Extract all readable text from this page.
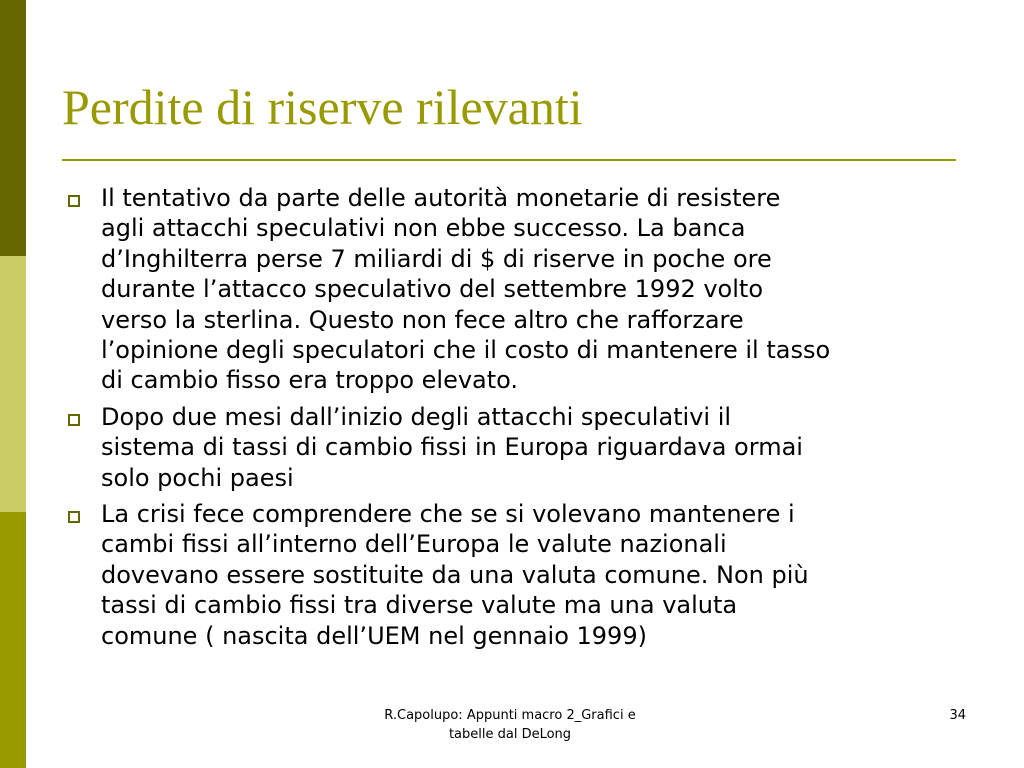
Perdite di riserve rilevanti
Il tentativo da parte delle autorità monetarie di resistere
agli attacchi speculativi non ebbe successo. La banca
d’Inghilterra perse 7 miliardi di $ di riserve in poche ore
durante l’attacco speculativo del settembre 1992 volto
verso la sterlina. Questo non fece altro che rafforzare
l’opinione degli speculatori che il costo di mantenere il tasso
di cambio fisso era troppo elevato.
Dopo due mesi dall’inizio degli attacchi speculativi il
sistema di tassi di cambio fissi in Europa riguardava ormai
solo pochi paesi
La crisi fece comprendere che se si volevano mantenere i
cambi fissi all’interno dell’Europa le valute nazionali
dovevano essere sostituite da una valuta comune. Non più
tassi di cambio fissi tra diverse valute ma una valuta
comune ( nascita dell’UEM nel gennaio 1999)
R.Capolupo: Appunti macro 2_Grafici e
tabelle dal DeLong
34
